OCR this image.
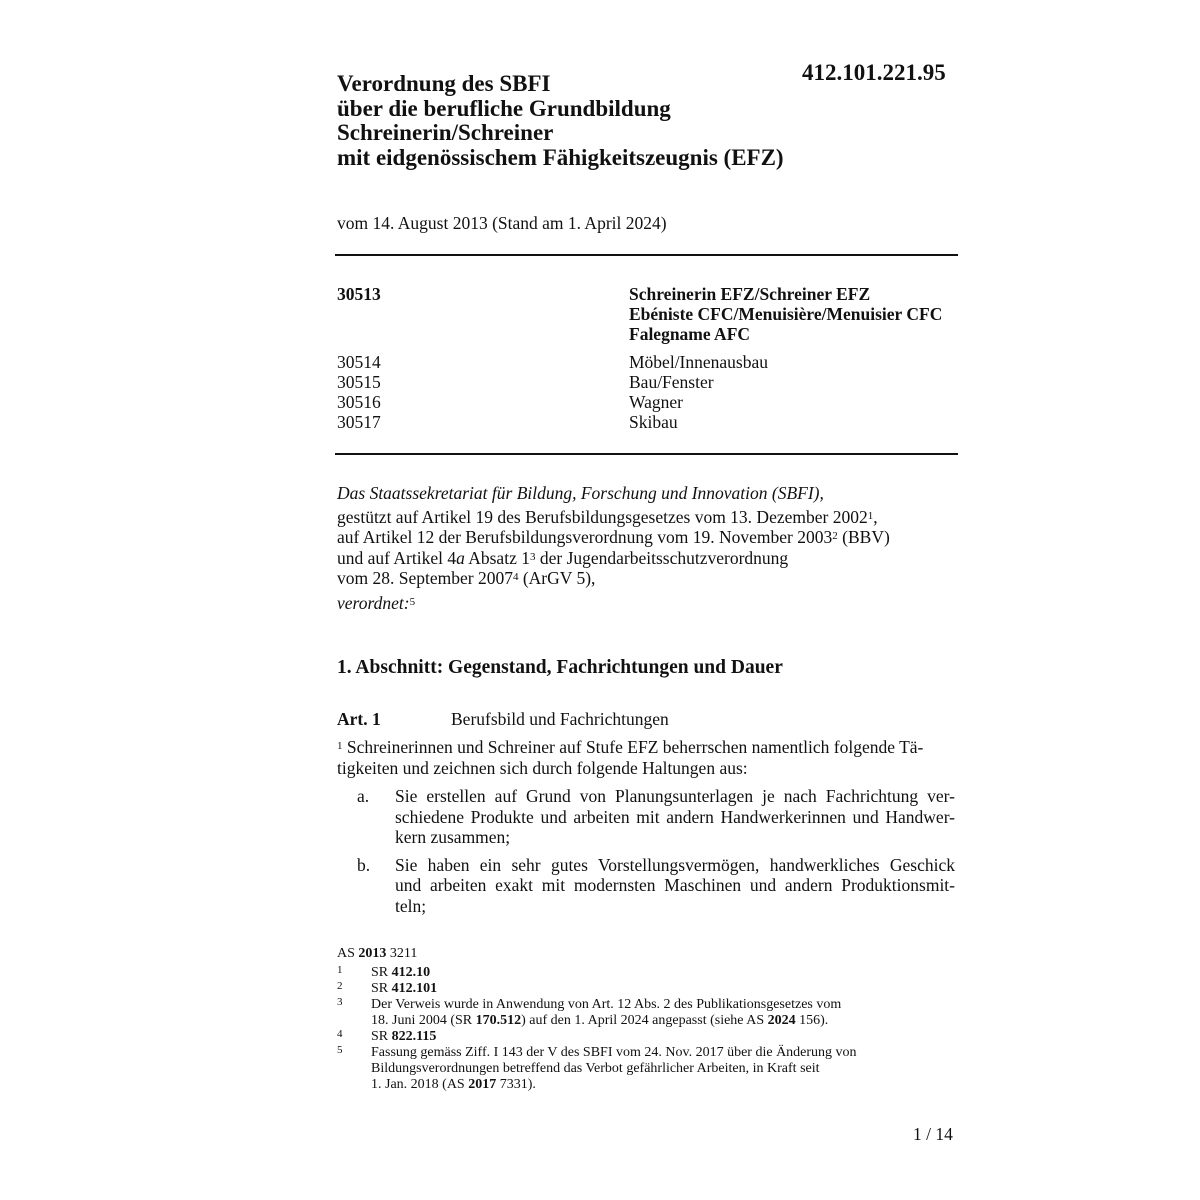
412.101.221.95
Verordnung des SBFI
über die berufliche Grundbildung
Schreinerin/Schreiner
mit eidgenössischem Fähigkeitszeugnis (EFZ)
vom 14. August 2013 (Stand am 1. April 2024)
30513	Schreinerin EFZ/Schreiner EFZ
Ebéniste CFC/Menuisière/Menuisier CFC
Falegname AFC
30514	Möbel/Innenausbau
30515	Bau/Fenster
30516	Wagner
30517	Skibau
Das Staatssekretariat für Bildung, Forschung und Innovation (SBFI),
gestützt auf Artikel 19 des Berufsbildungsgesetzes vom 13. Dezember 2002$^1$,
auf Artikel 12 der Berufsbildungsverordnung vom 19. November 2003$^2$ (BBV)
und auf Artikel 4a Absatz $1^3$ der Jugendarbeitsschutzverordnung
vom 28. September 2007$^4$ (ArGV 5),
verordnet:$^5$
1. Abschnitt: Gegenstand, Fachrichtungen und Dauer
Art. 1	Berufsbild und Fachrichtungen
$^1$ Schreinerinnen und Schreiner auf Stufe EFZ beherrschen namentlich folgende Tä-
tigkeiten und zeichnen sich durch folgende Haltungen aus:
a. Sie erstellen auf Grund von Planungsunterlagen je nach Fachrichtung ver-
schiedene Produkte und arbeiten mit andern Handwerkerinnen und Handwer-
kern zusammen;
b. Sie haben ein sehr gutes Vorstellungsvermögen, handwerkliches Geschick
und arbeiten exakt mit modernsten Maschinen und andern Produktionsmit-
teln;
AS 2013 3211
1 SR 412.10
2 SR 412.101
3 Der Verweis wurde in Anwendung von Art. 12 Abs. 2 des Publikationsgesetzes vom
18. Juni 2004 (SR 170.512) auf den 1. April 2024 angepasst (siehe AS 2024 156).
4 SR 822.115
5 Fassung gemäss Ziff. I 143 der V des SBFI vom 24. Nov. 2017 über die Änderung von
Bildungsverordnungen betreffend das Verbot gefährlicher Arbeiten, in Kraft seit
1. Jan. 2018 (AS 2017 7331).
1 / 14
